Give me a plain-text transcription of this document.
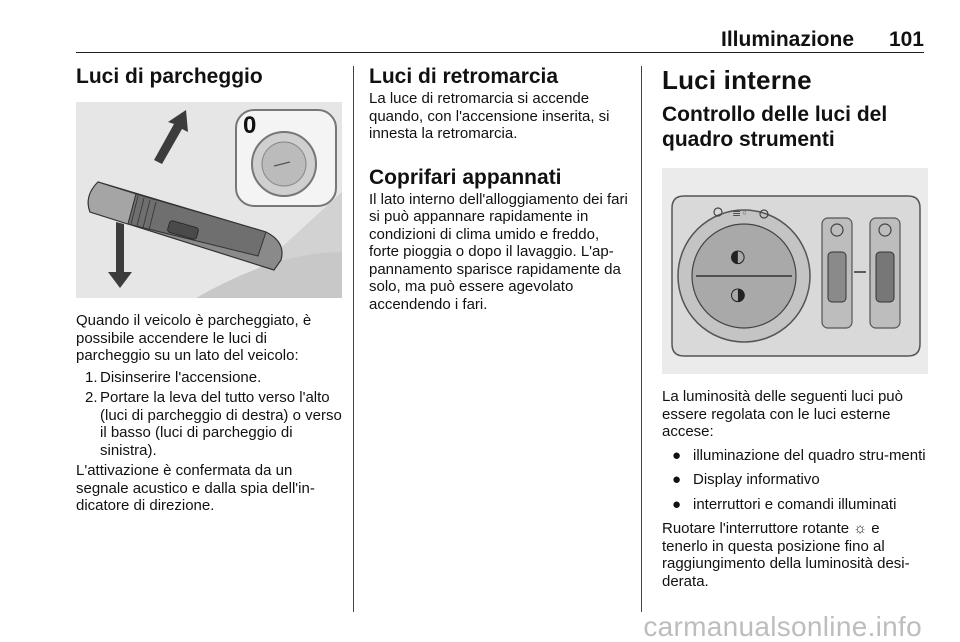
Illuminazione 101
Luci di parcheggio
0

Quando il veicolo è parcheggiato, è possibile accendere le luci di parcheggio su un lato del veicolo:

1. Disinserire l'accensione.
2. Portare la leva del tutto verso l'alto (luci di parcheggio di destra) o verso il basso (luci di parcheggio di sinistra).

L'attivazione è confermata da un segnale acustico e dalla spia dell'in-dicatore di direzione.

Luci di retromarcia

La luce di retromarcia si accende quando, con l'accensione inserita, si innesta la retromarcia.

Coprifari appannati

Il lato interno dell'alloggiamento dei fari si può appannare rapidamente in condizioni di clima umido e freddo, forte pioggia o dopo il lavaggio. L'ap-pannamento sparisce rapidamente da solo, ma può essere agevolato accendendo i fari.

Luci interne
Controllo delle luci del quadro strumenti
◐
◑
≡◦

La luminosità delle seguenti luci può essere regolata con le luci esterne accese:

● illuminazione del quadro stru-menti
● Display informativo
● interruttori e comandi illuminati

Ruotare l'interruttore rotante ☼ e tenerlo in questa posizione fino al raggiungimento della luminosità desi-derata.

carmanualsonline.info
